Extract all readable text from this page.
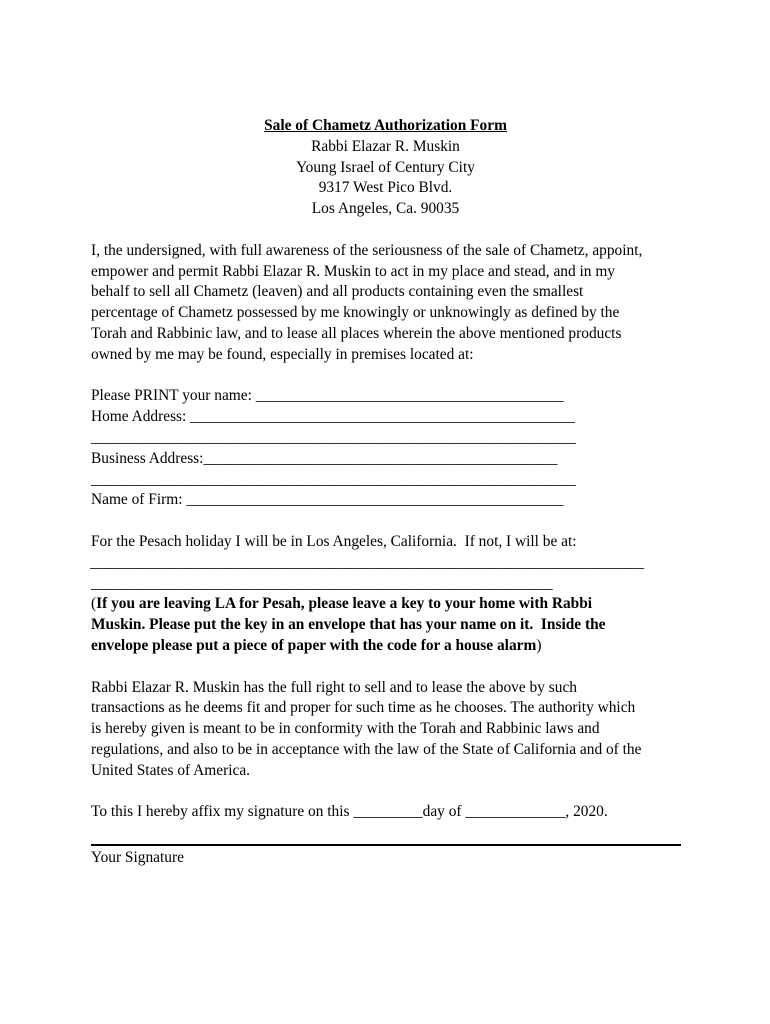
Sale of Chametz Authorization Form
Rabbi Elazar R. Muskin
Young Israel of Century City
9317 West Pico Blvd.
Los Angeles, Ca. 90035
I, the undersigned, with full awareness of the seriousness of the sale of Chametz, appoint,
empower and permit Rabbi Elazar R. Muskin to act in my place and stead, and in my
behalf to sell all Chametz (leaven) and all products containing even the smallest
percentage of Chametz possessed by me knowingly or unknowingly as defined by the
Torah and Rabbinic law, and to lease all places wherein the above mentioned products
owned by me may be found, especially in premises located at:
Please PRINT your name: ________________________________________
Home Address: __________________________________________________
_______________________________________________________________
Business Address:______________________________________________
_______________________________________________________________
Name of Firm: _________________________________________________
For the Pesach holiday I will be in Los Angeles, California.  If not, I will be at:
________________________________________________________________________
____________________________________________________________
(If you are leaving LA for Pesah, please leave a key to your home with Rabbi
Muskin. Please put the key in an envelope that has your name on it.  Inside the
envelope please put a piece of paper with the code for a house alarm)
Rabbi Elazar R. Muskin has the full right to sell and to lease the above by such
transactions as he deems fit and proper for such time as he chooses. The authority which
is hereby given is meant to be in conformity with the Torah and Rabbinic laws and
regulations, and also to be in acceptance with the law of the State of California and of the
United States of America.
To this I hereby affix my signature on this _________day of _____________, 2020.
Your Signature
